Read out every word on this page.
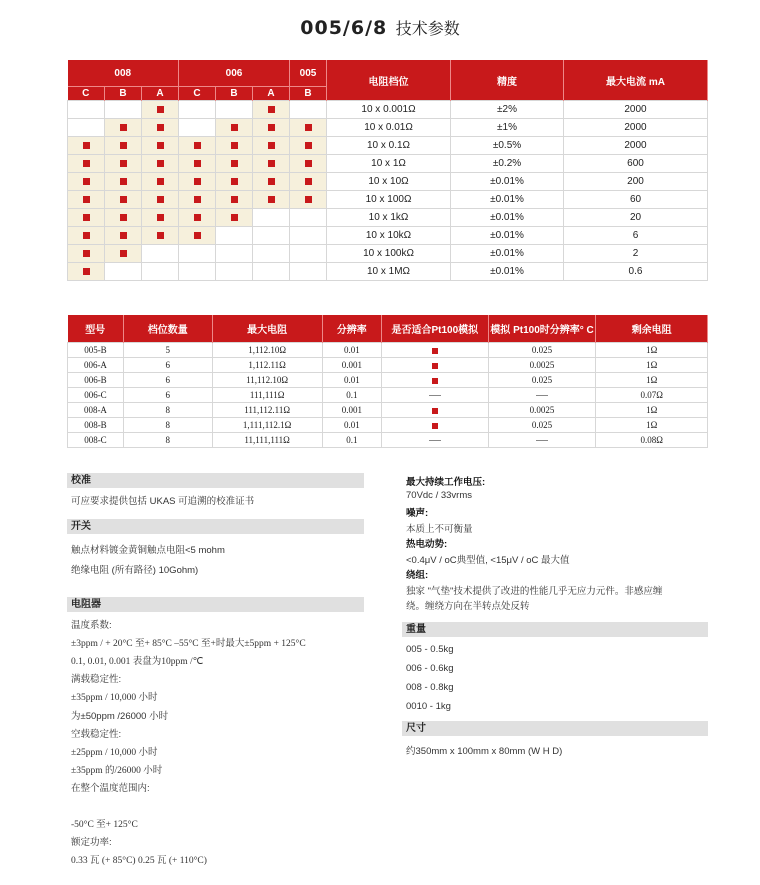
005/6/8 技术参数
008			006			005	电阻档位	精度	最大电流 mA
C	B	A	C	B	A	B			
							10 x 0.001Ω	±2%	2000
							10 x 0.01Ω	±1%	2000
							10 x 0.1Ω	±0.5%	2000
							10 x 1Ω	±0.2%	600
							10 x 10Ω	±0.01%	200
							10 x 100Ω	±0.01%	60
							10 x 1kΩ	±0.01%	20
							10 x 10kΩ	±0.01%	6
							10 x 100kΩ	±0.01%	2
							10 x 1MΩ	±0.01%	0.6
型号	档位数量	最大电阻	分辨率	是否适合Pt100模拟	模拟 Pt100时分辨率° C	剩余电阻
005-B	5	1,112.10Ω	0.01		0.025	1Ω
006-A	6	1,112.11Ω	0.001		0.0025	1Ω
006-B	6	11,112.10Ω	0.01		0.025	1Ω
006-C	6	111,111Ω	0.1			0.07Ω
008-A	8	111,112.11Ω	0.001		0.0025	1Ω
008-B	8	1,111,112.1Ω	0.01		0.025	1Ω
008-C	8	11,111,111Ω	0.1			0.08Ω
校准
可应要求提供包括 UKAS 可追溯的校准证书
开关
触点材料镀金黄铜触点电阻<5 mohm
绝缘电阻 (所有路径) 10Gohm)
电阻器
温度系数:
±3ppm / + 20°C 至+ 85°C –55°C 至+时最大±5ppm + 125°C
0.1, 0.01, 0.001 表盘为10ppm /℃
满载稳定性:
±35ppm / 10,000 小时
为±50ppm /26000 小时
空载稳定性:
±25ppm / 10,000 小时
±35ppm 的/26000 小时
在整个温度范围内:
-50°C 至+ 125°C
额定功率:
0.33 瓦 (+ 85°C) 0.25 瓦 (+ 110°C)
最大持续工作电压:
70Vdc / 33vrms
噪声:
本质上不可衡量
热电动势:
<0.4μV / oC典型值, <15μV / oC 最大值
绕组:
独家 "气垫"技术提供了改进的性能几乎无应力元件。非感应缠
绕。缠绕方向在半转点处反转
重量
005 - 0.5kg
006 - 0.6kg
008 - 0.8kg
0010 - 1kg
尺寸
约350mm x 100mm x 80mm (W H D)
